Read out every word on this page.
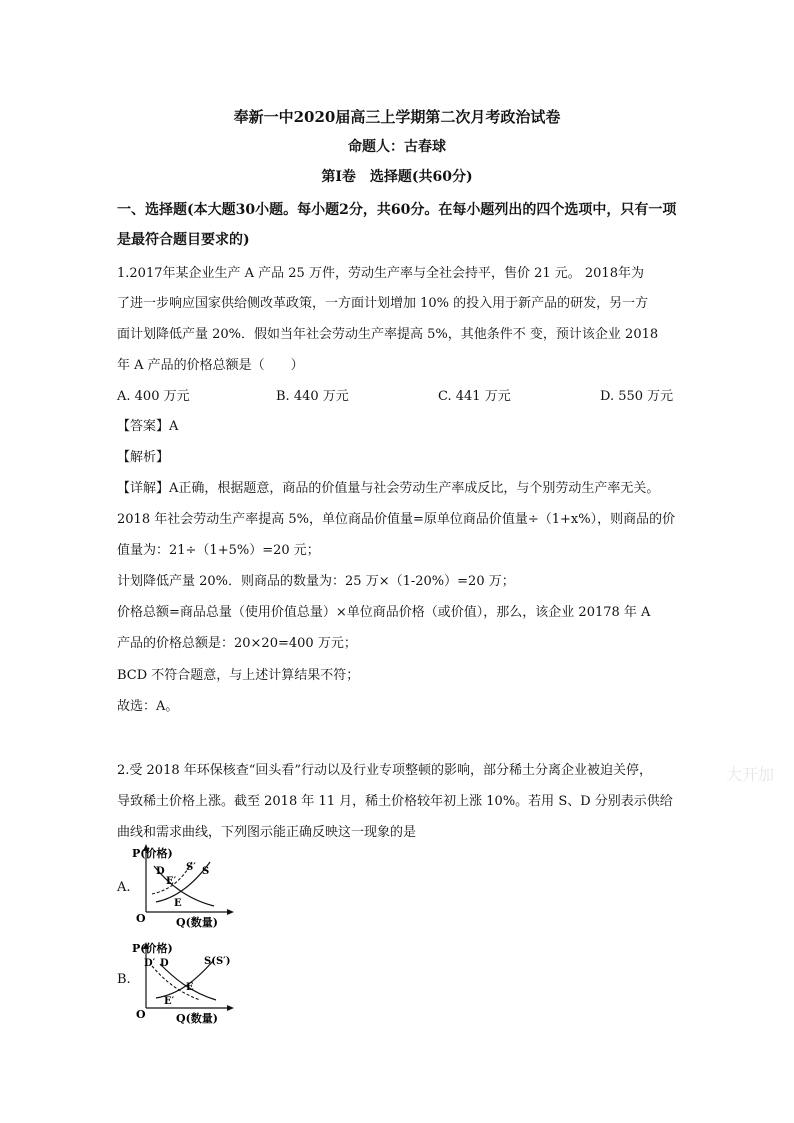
奉新一中2020届高三上学期第二次月考政治试卷
命题人：古春球
第Ⅰ卷　选择题(共60分)
一、选择题(本大题30小题。每小题2分，共60分。在每小题列出的四个选项中，只有一项
是最符合题目要求的)
1.2017年某企业生产 A 产品 25 万件，劳动生产率与全社会持平，售价 21 元。 2018年为
了进一步响应国家供给侧改革政策，一方面计划增加 10% 的投入用于新产品的研发，另一方
面计划降低产量 20%．假如当年社会劳动生产率提高 5%，其他条件不 变，预计该企业 2018
年 A 产品的价格总额是（　　）
A. 400 万元	B. 440 万元	C. 441 万元	D. 550 万元
【答案】A
【解析】
【详解】A正确，根据题意，商品的价值量与社会劳动生产率成反比，与个别劳动生产率无关。
2018 年社会劳动生产率提高 5%，单位商品价值量=原单位商品价值量÷（1+x%），则商品的价
值量为：21÷（1+5%）=20 元；
计划降低产量 20%．则商品的数量为：25 万×（1-20%）=20 万；
价格总额=商品总量（使用价值总量）×单位商品价格（或价值），那么，该企业 20178 年 A
产品的价格总额是：20×20=400 万元；
BCD 不符合题意，与上述计算结果不符；
故选：A。
2.受 2018 年环保核查“回头看”行动以及行业专项整顿的影响，部分稀土分离企业被迫关停，
导致稀土价格上涨。截至 2018 年 11 月，稀土价格较年初上涨 10%。若用 S、D 分别表示供给
曲线和需求曲线，下列图示能正确反映这一现象的是
A.
P(价格)
S′ S
D
E′
E
O	Q(数量)
B.
P(价格)
D′ D	S(S′)
E
E′
O	Q(数量)
大开加
